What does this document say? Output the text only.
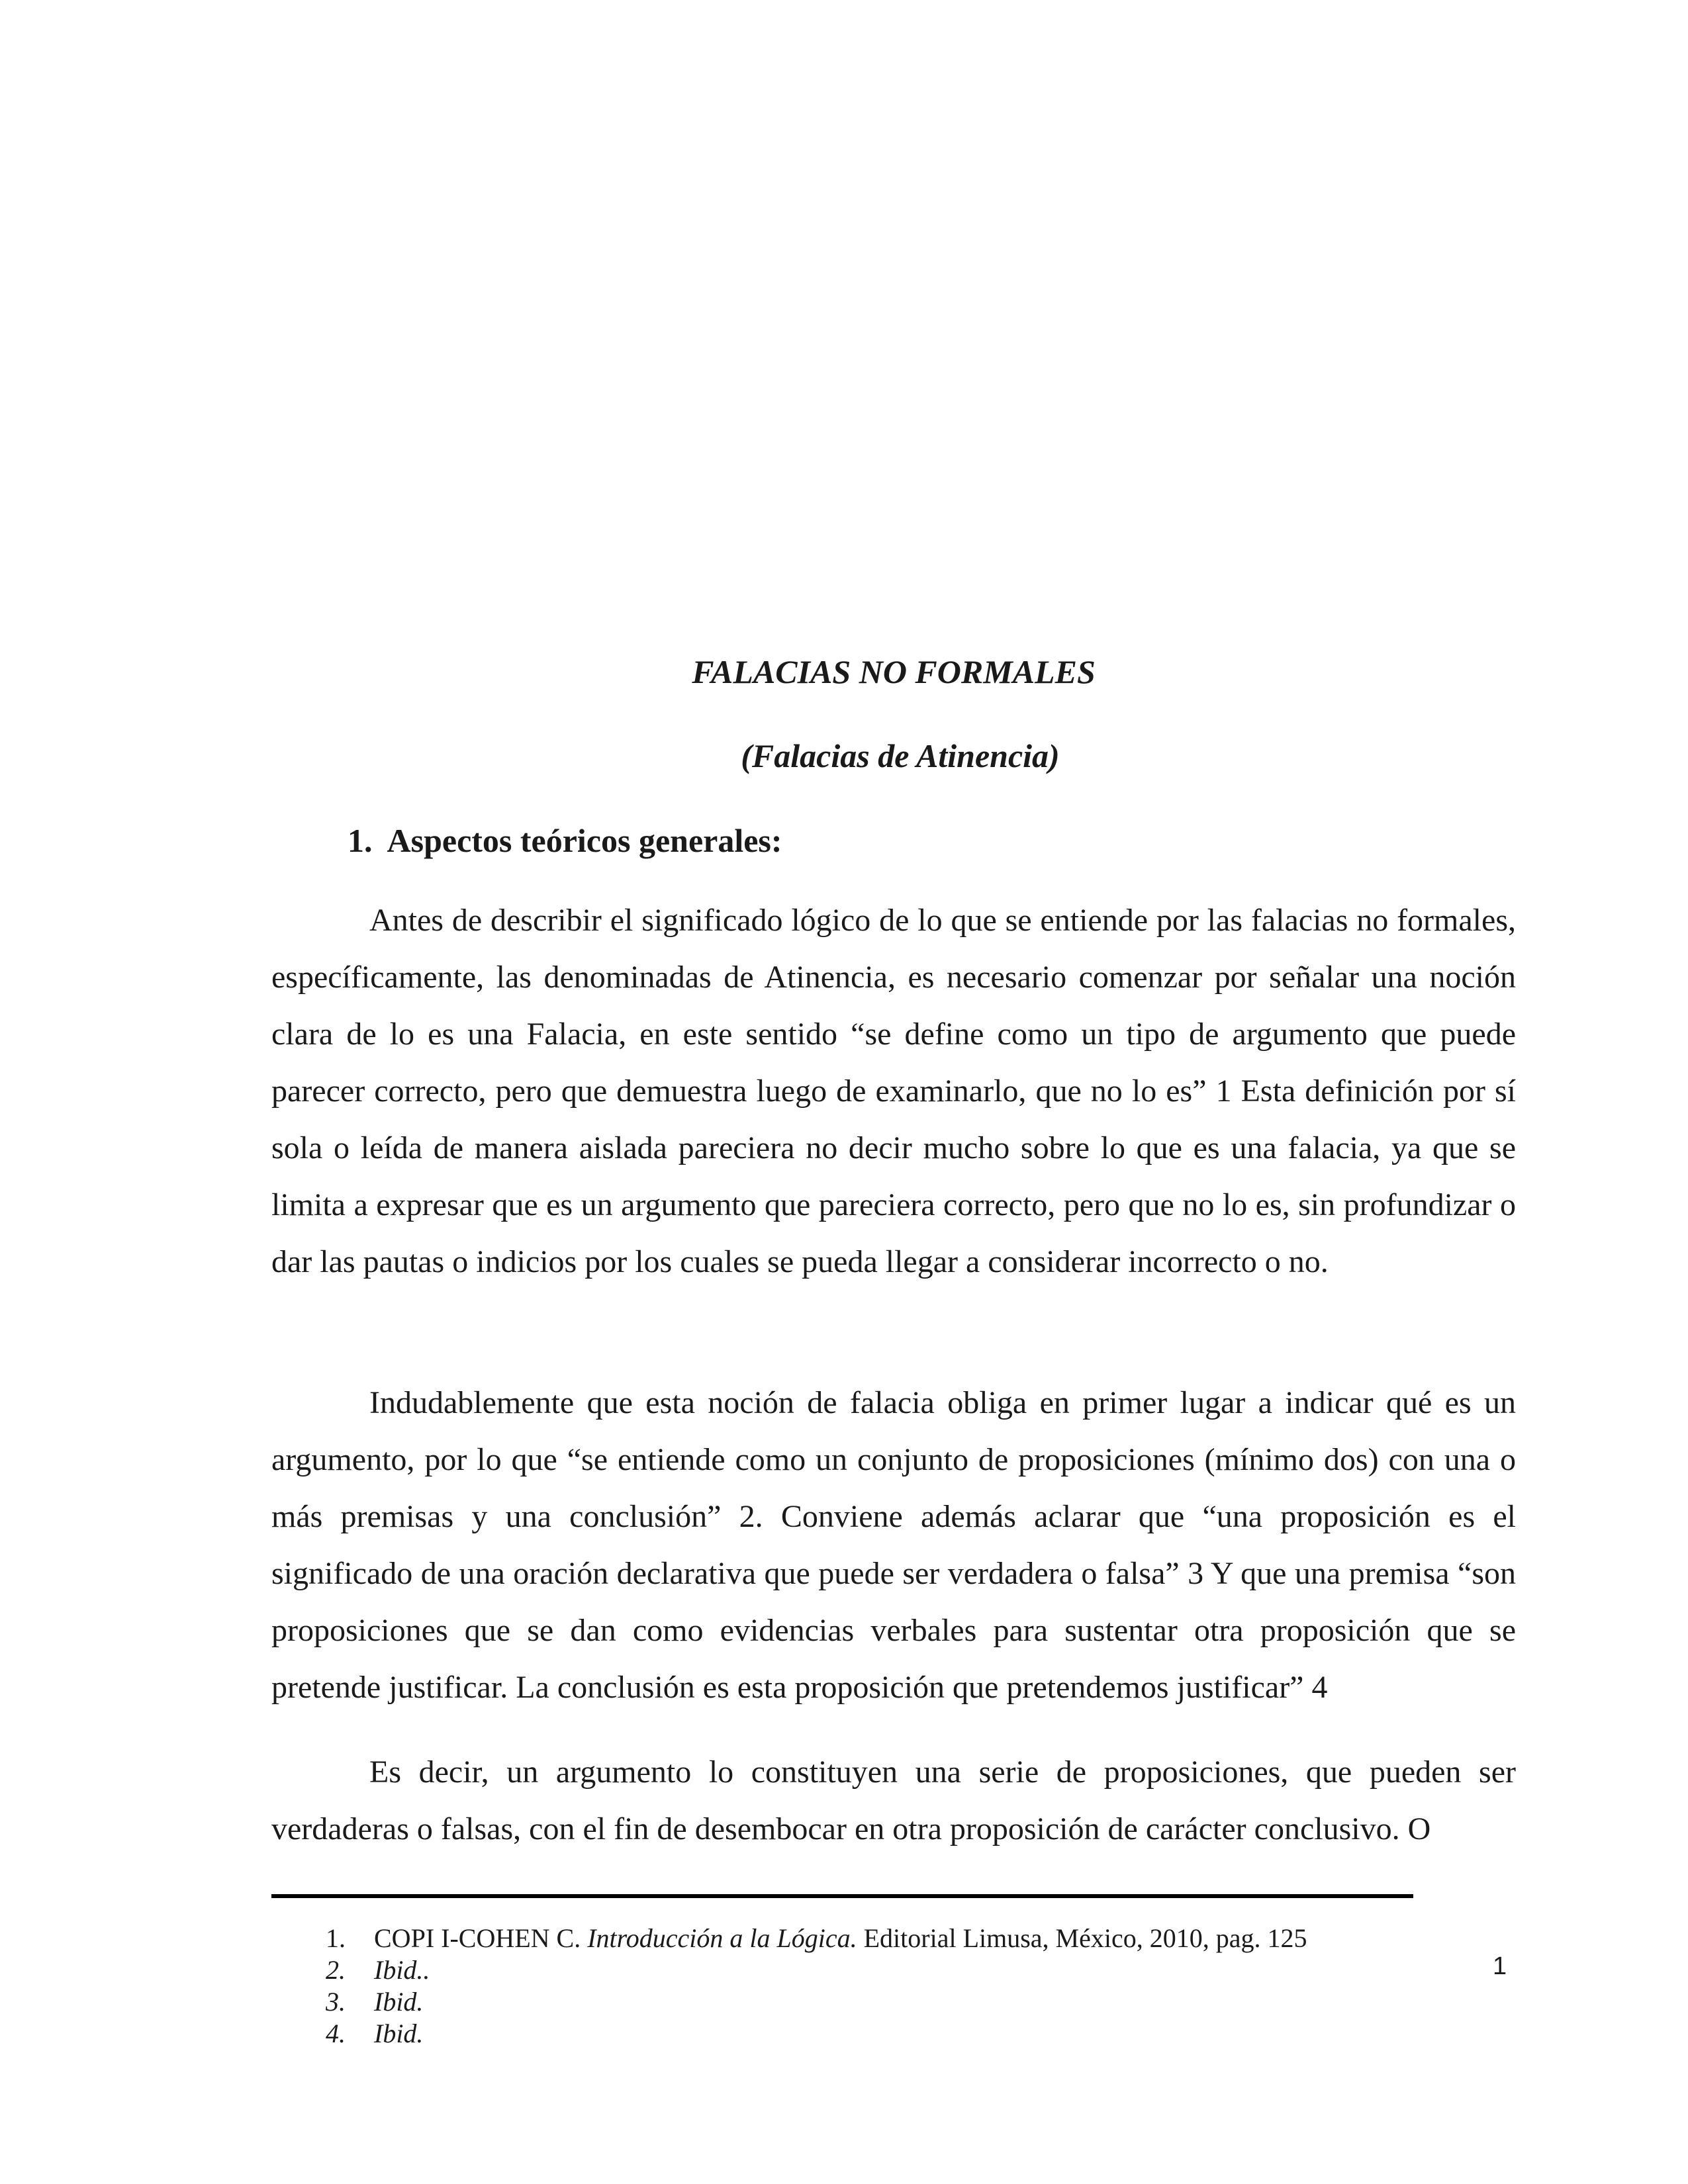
FALACIAS NO FORMALES
(Falacias de Atinencia)
1. Aspectos teóricos generales:

Antes de describir el significado lógico de lo que se entiende por las falacias no formales, específicamente, las denominadas de Atinencia, es necesario comenzar por señalar una noción clara de lo es una Falacia, en este sentido “se define como un tipo de argumento que puede parecer correcto, pero que demuestra luego de examinarlo, que no lo es” 1 Esta definición por sí sola o leída de manera aislada pareciera no decir mucho sobre lo que es una falacia, ya que se limita a expresar que es un argumento que pareciera correcto, pero que no lo es, sin profundizar o dar las pautas o indicios por los cuales se pueda llegar a considerar incorrecto o no.

Indudablemente que esta noción de falacia obliga en primer lugar a indicar qué es un argumento, por lo que “se entiende como un conjunto de proposiciones (mínimo dos) con una o más premisas y una conclusión” 2. Conviene además aclarar que “una proposición es el significado de una oración declarativa que puede ser verdadera o falsa” 3 Y que una premisa “son proposiciones que se dan como evidencias verbales para sustentar otra proposición que se pretende justificar. La conclusión es esta proposición que pretendemos justificar” 4

Es decir, un argumento lo constituyen una serie de proposiciones, que pueden ser verdaderas o falsas, con el fin de desembocar en otra proposición de carácter conclusivo. O

1. COPI I-COHEN C. Introducción a la Lógica. Editorial Limusa, México, 2010, pag. 125
2. Ibid..
3. Ibid.
4. Ibid.

1
